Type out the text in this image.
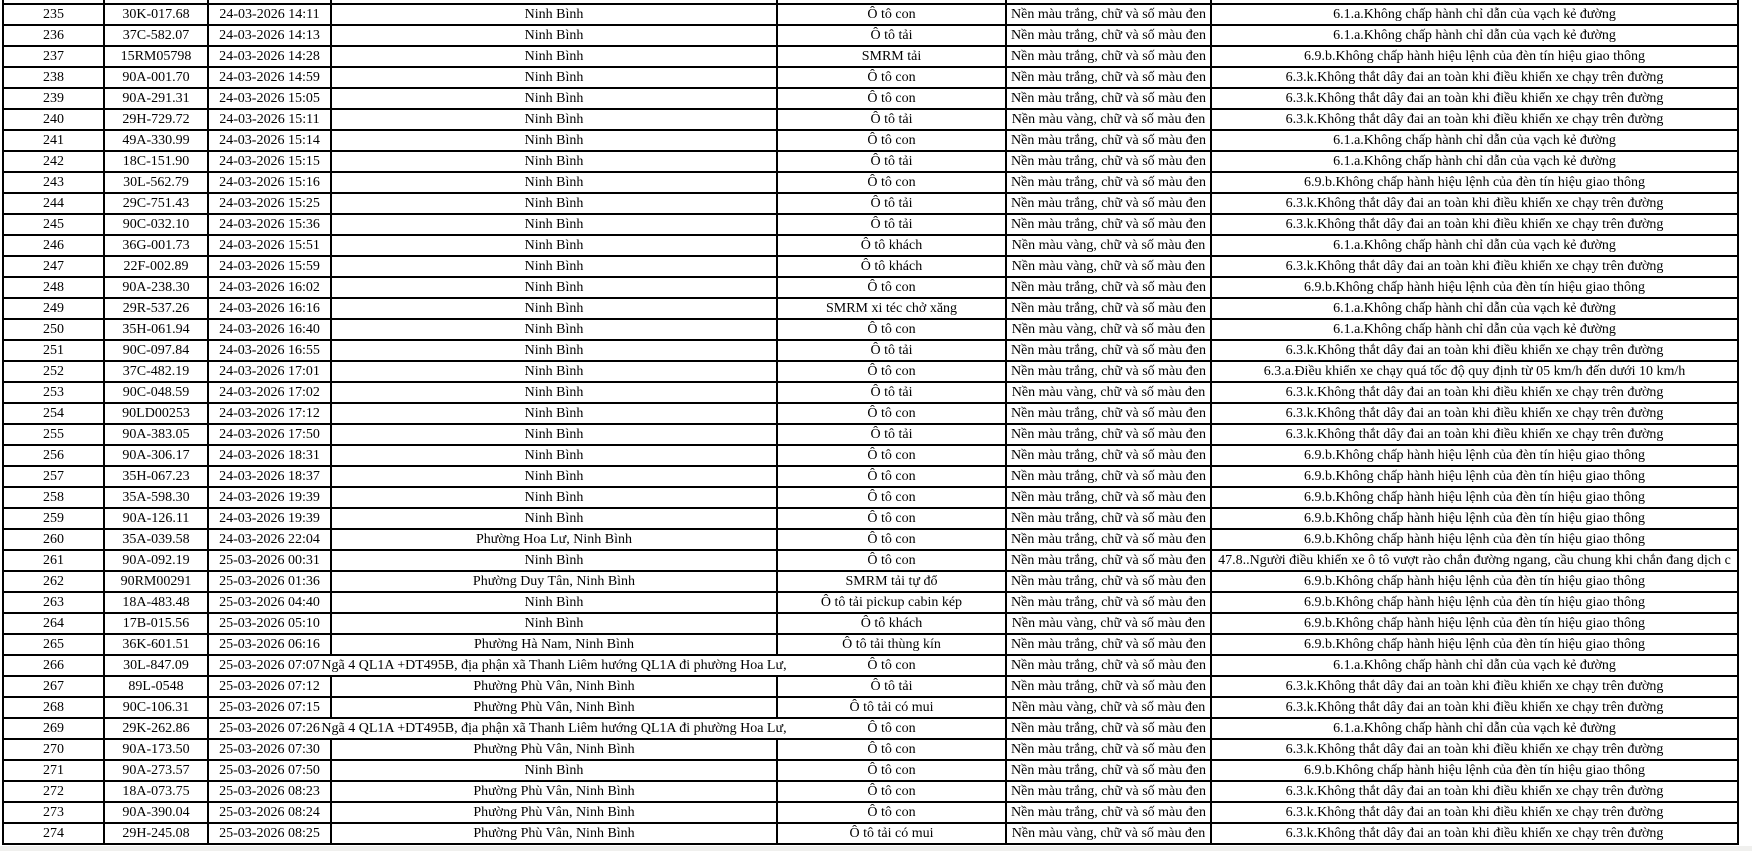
235	30K-017.68	24-03-2026 14:11	Ninh Bình	Ô tô con	Nền màu trắng, chữ và số màu đen	6.1.a.Không chấp hành chỉ dẫn của vạch kẻ đường
236	37C-582.07	24-03-2026 14:13	Ninh Bình	Ô tô tải	Nền màu trắng, chữ và số màu đen	6.1.a.Không chấp hành chỉ dẫn của vạch kẻ đường
237	15RM05798	24-03-2026 14:28	Ninh Bình	SMRM tải	Nền màu trắng, chữ và số màu đen	6.9.b.Không chấp hành hiệu lệnh của đèn tín hiệu giao thông
238	90A-001.70	24-03-2026 14:59	Ninh Bình	Ô tô con	Nền màu trắng, chữ và số màu đen	6.3.k.Không thắt dây đai an toàn khi điều khiển xe chạy trên đường
239	90A-291.31	24-03-2026 15:05	Ninh Bình	Ô tô con	Nền màu trắng, chữ và số màu đen	6.3.k.Không thắt dây đai an toàn khi điều khiển xe chạy trên đường
240	29H-729.72	24-03-2026 15:11	Ninh Bình	Ô tô tải	Nền màu vàng, chữ và số màu đen	6.3.k.Không thắt dây đai an toàn khi điều khiển xe chạy trên đường
241	49A-330.99	24-03-2026 15:14	Ninh Bình	Ô tô con	Nền màu trắng, chữ và số màu đen	6.1.a.Không chấp hành chỉ dẫn của vạch kẻ đường
242	18C-151.90	24-03-2026 15:15	Ninh Bình	Ô tô tải	Nền màu trắng, chữ và số màu đen	6.1.a.Không chấp hành chỉ dẫn của vạch kẻ đường
243	30L-562.79	24-03-2026 15:16	Ninh Bình	Ô tô con	Nền màu trắng, chữ và số màu đen	6.9.b.Không chấp hành hiệu lệnh của đèn tín hiệu giao thông
244	29C-751.43	24-03-2026 15:25	Ninh Bình	Ô tô tải	Nền màu trắng, chữ và số màu đen	6.3.k.Không thắt dây đai an toàn khi điều khiển xe chạy trên đường
245	90C-032.10	24-03-2026 15:36	Ninh Bình	Ô tô tải	Nền màu trắng, chữ và số màu đen	6.3.k.Không thắt dây đai an toàn khi điều khiển xe chạy trên đường
246	36G-001.73	24-03-2026 15:51	Ninh Bình	Ô tô khách	Nền màu vàng, chữ và số màu đen	6.1.a.Không chấp hành chỉ dẫn của vạch kẻ đường
247	22F-002.89	24-03-2026 15:59	Ninh Bình	Ô tô khách	Nền màu vàng, chữ và số màu đen	6.3.k.Không thắt dây đai an toàn khi điều khiển xe chạy trên đường
248	90A-238.30	24-03-2026 16:02	Ninh Bình	Ô tô con	Nền màu trắng, chữ và số màu đen	6.9.b.Không chấp hành hiệu lệnh của đèn tín hiệu giao thông
249	29R-537.26	24-03-2026 16:16	Ninh Bình	SMRM xi téc chở xăng	Nền màu trắng, chữ và số màu đen	6.1.a.Không chấp hành chỉ dẫn của vạch kẻ đường
250	35H-061.94	24-03-2026 16:40	Ninh Bình	Ô tô con	Nền màu vàng, chữ và số màu đen	6.1.a.Không chấp hành chỉ dẫn của vạch kẻ đường
251	90C-097.84	24-03-2026 16:55	Ninh Bình	Ô tô tải	Nền màu trắng, chữ và số màu đen	6.3.k.Không thắt dây đai an toàn khi điều khiển xe chạy trên đường
252	37C-482.19	24-03-2026 17:01	Ninh Bình	Ô tô con	Nền màu trắng, chữ và số màu đen	6.3.a.Điều khiển xe chạy quá tốc độ quy định từ 05 km/h đến dưới 10 km/h
253	90C-048.59	24-03-2026 17:02	Ninh Bình	Ô tô tải	Nền màu vàng, chữ và số màu đen	6.3.k.Không thắt dây đai an toàn khi điều khiển xe chạy trên đường
254	90LD00253	24-03-2026 17:12	Ninh Bình	Ô tô con	Nền màu trắng, chữ và số màu đen	6.3.k.Không thắt dây đai an toàn khi điều khiển xe chạy trên đường
255	90A-383.05	24-03-2026 17:50	Ninh Bình	Ô tô tải	Nền màu trắng, chữ và số màu đen	6.3.k.Không thắt dây đai an toàn khi điều khiển xe chạy trên đường
256	90A-306.17	24-03-2026 18:31	Ninh Bình	Ô tô con	Nền màu trắng, chữ và số màu đen	6.9.b.Không chấp hành hiệu lệnh của đèn tín hiệu giao thông
257	35H-067.23	24-03-2026 18:37	Ninh Bình	Ô tô con	Nền màu trắng, chữ và số màu đen	6.9.b.Không chấp hành hiệu lệnh của đèn tín hiệu giao thông
258	35A-598.30	24-03-2026 19:39	Ninh Bình	Ô tô con	Nền màu trắng, chữ và số màu đen	6.9.b.Không chấp hành hiệu lệnh của đèn tín hiệu giao thông
259	90A-126.11	24-03-2026 19:39	Ninh Bình	Ô tô con	Nền màu trắng, chữ và số màu đen	6.9.b.Không chấp hành hiệu lệnh của đèn tín hiệu giao thông
260	35A-039.58	24-03-2026 22:04	Phường Hoa Lư, Ninh Bình	Ô tô con	Nền màu trắng, chữ và số màu đen	6.9.b.Không chấp hành hiệu lệnh của đèn tín hiệu giao thông
261	90A-092.19	25-03-2026 00:31	Ninh Bình	Ô tô con	Nền màu trắng, chữ và số màu đen	47.8..Người điều khiển xe ô tô vượt rào chắn đường ngang, cầu chung khi chắn đang dịch c

262	90RM00291	25-03-2026 01:36	Phường Duy Tân, Ninh Bình	SMRM tải tự đổ	Nền màu trắng, chữ và số màu đen	6.9.b.Không chấp hành hiệu lệnh của đèn tín hiệu giao thông
263	18A-483.48	25-03-2026 04:40	Ninh Bình	Ô tô tải pickup cabin kép	Nền màu trắng, chữ và số màu đen	6.9.b.Không chấp hành hiệu lệnh của đèn tín hiệu giao thông
264	17B-015.56	25-03-2026 05:10	Ninh Bình	Ô tô khách	Nền màu vàng, chữ và số màu đen	6.9.b.Không chấp hành hiệu lệnh của đèn tín hiệu giao thông
265	36K-601.51	25-03-2026 06:16	Phường Hà Nam, Ninh Bình	Ô tô tải thùng kín	Nền màu trắng, chữ và số màu đen	6.9.b.Không chấp hành hiệu lệnh của đèn tín hiệu giao thông
266	30L-847.09	25-03-2026 07:07	Ngã 4 QL1A +DT495B, địa phận xã Thanh Liêm hướng QL1A đi phường Hoa Lư,	Ô tô con	Nền màu trắng, chữ và số màu đen	6.1.a.Không chấp hành chỉ dẫn của vạch kẻ đường
267	89L-0548	25-03-2026 07:12	Phường Phù Vân, Ninh Bình	Ô tô tải	Nền màu trắng, chữ và số màu đen	6.3.k.Không thắt dây đai an toàn khi điều khiển xe chạy trên đường
268	90C-106.31	25-03-2026 07:15	Phường Phù Vân, Ninh Bình	Ô tô tải có mui	Nền màu vàng, chữ và số màu đen	6.3.k.Không thắt dây đai an toàn khi điều khiển xe chạy trên đường
269	29K-262.86	25-03-2026 07:26	Ngã 4 QL1A +DT495B, địa phận xã Thanh Liêm hướng QL1A đi phường Hoa Lư,	Ô tô con	Nền màu trắng, chữ và số màu đen	6.1.a.Không chấp hành chỉ dẫn của vạch kẻ đường
270	90A-173.50	25-03-2026 07:30	Phường Phù Vân, Ninh Bình	Ô tô con	Nền màu trắng, chữ và số màu đen	6.3.k.Không thắt dây đai an toàn khi điều khiển xe chạy trên đường
271	90A-273.57	25-03-2026 07:50	Ninh Bình	Ô tô con	Nền màu trắng, chữ và số màu đen	6.9.b.Không chấp hành hiệu lệnh của đèn tín hiệu giao thông
272	18A-073.75	25-03-2026 08:23	Phường Phù Vân, Ninh Bình	Ô tô con	Nền màu trắng, chữ và số màu đen	6.3.k.Không thắt dây đai an toàn khi điều khiển xe chạy trên đường
273	90A-390.04	25-03-2026 08:24	Phường Phù Vân, Ninh Bình	Ô tô con	Nền màu trắng, chữ và số màu đen	6.3.k.Không thắt dây đai an toàn khi điều khiển xe chạy trên đường
274	29H-245.08	25-03-2026 08:25	Phường Phù Vân, Ninh Bình	Ô tô tải có mui	Nền màu vàng, chữ và số màu đen	6.3.k.Không thắt dây đai an toàn khi điều khiển xe chạy trên đường
